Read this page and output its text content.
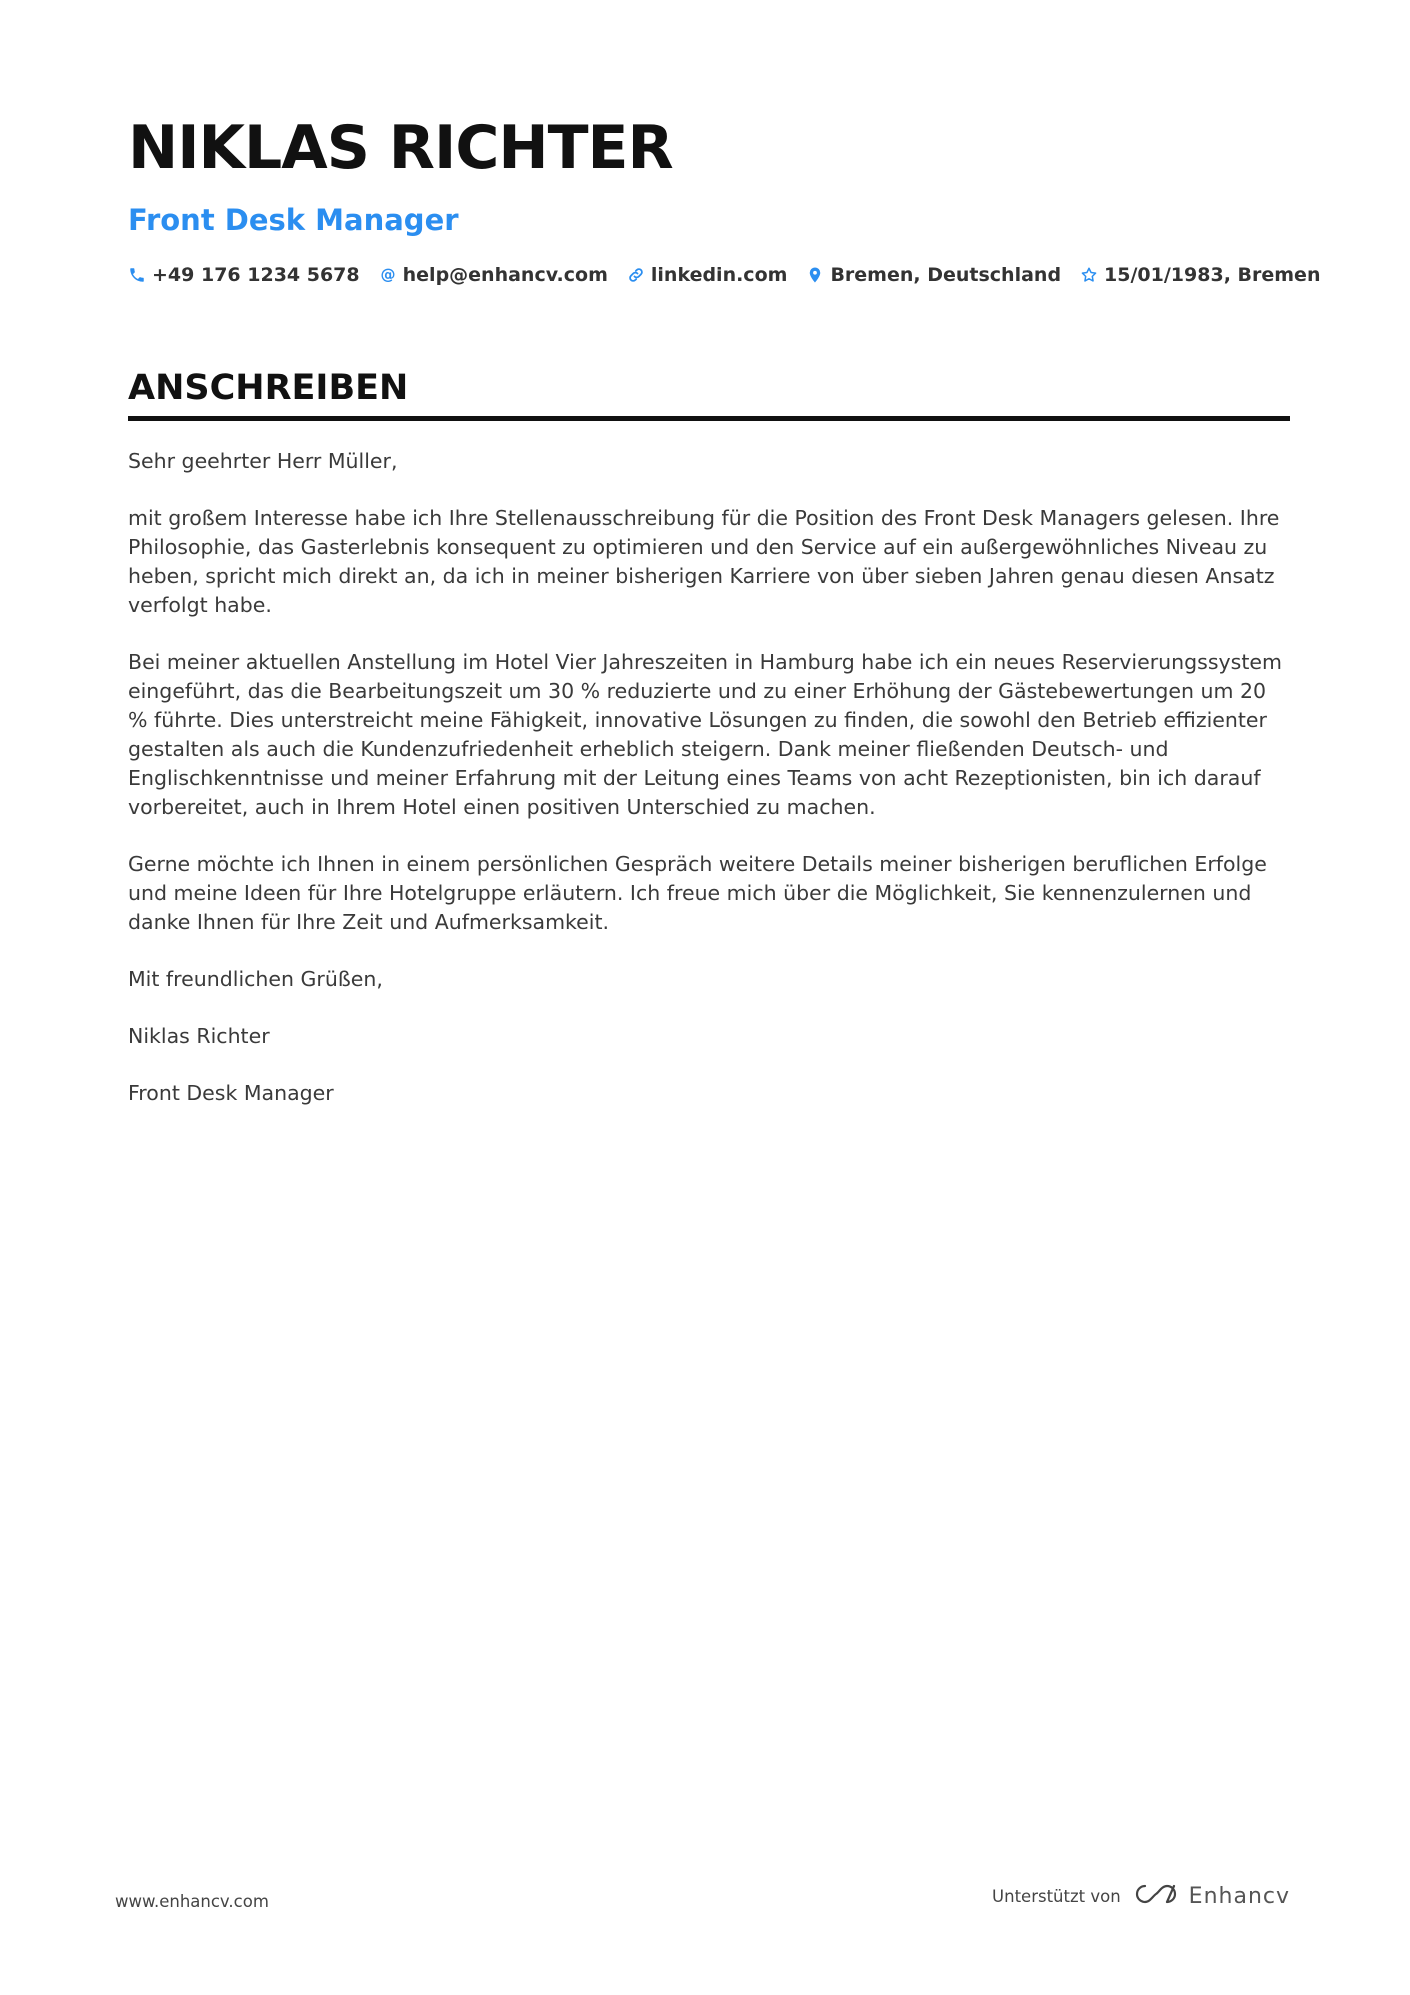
NIKLAS RICHTER
Front Desk Manager
+49 176 1234 5678 @ help@enhancv.com linkedin.com Bremen, Deutschland 15/01/1983, Bremen
ANSCHREIBEN

Sehr geehrter Herr Müller,

mit großem Interesse habe ich Ihre Stellenausschreibung für die Position des Front Desk Managers gelesen. Ihre Philosophie, das Gasterlebnis konsequent zu optimieren und den Service auf ein außergewöhnliches Niveau zu heben, spricht mich direkt an, da ich in meiner bisherigen Karriere von über sieben Jahren genau diesen Ansatz verfolgt habe.

Bei meiner aktuellen Anstellung im Hotel Vier Jahreszeiten in Hamburg habe ich ein neues Reservierungssystem eingeführt, das die Bearbeitungszeit um 30 % reduzierte und zu einer Erhöhung der Gästebewertungen um 20 % führte. Dies unterstreicht meine Fähigkeit, innovative Lösungen zu finden, die sowohl den Betrieb effizienter gestalten als auch die Kundenzufriedenheit erheblich steigern. Dank meiner fließenden Deutsch- und Englischkenntnisse und meiner Erfahrung mit der Leitung eines Teams von acht Rezeptionisten, bin ich darauf vorbereitet, auch in Ihrem Hotel einen positiven Unterschied zu machen.

Gerne möchte ich Ihnen in einem persönlichen Gespräch weitere Details meiner bisherigen beruflichen Erfolge und meine Ideen für Ihre Hotelgruppe erläutern. Ich freue mich über die Möglichkeit, Sie kennenzulernen und danke Ihnen für Ihre Zeit und Aufmerksamkeit.

Mit freundlichen Grüßen,

Niklas Richter

Front Desk Manager

www.enhancv.com	Unterstützt von	Enhancv
